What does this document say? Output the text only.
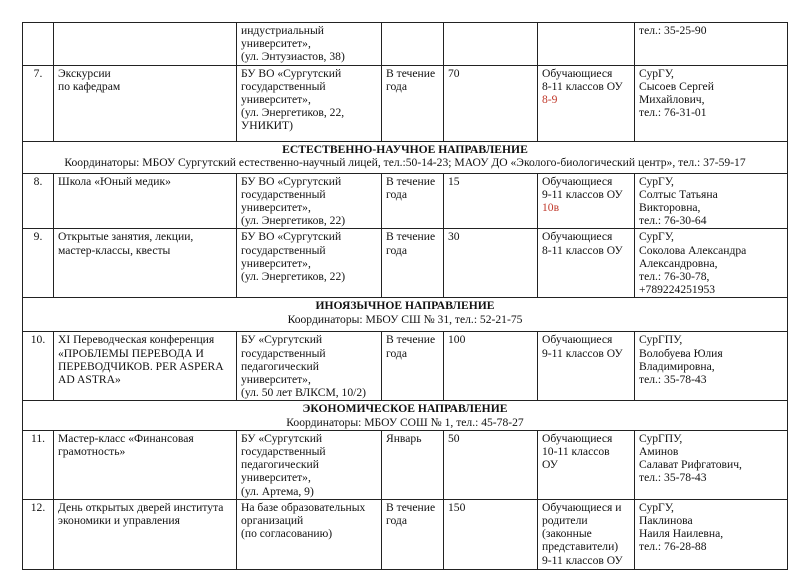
		индустриальный
университет»,
(ул. Энтузиастов, 38)				тел.: 35-25-90
7.	Экскурсии
по кафедрам	БУ ВО «Сургутский
государственный
университет»,
(ул. Энергетиков, 22,
УНИКИТ)	В течение
года	70	Обучающиеся
8-11 классов ОУ
8-9	СурГУ,
Сысоев Сергей
Михайлович,
тел.: 76-31-01

ЕСТЕСТВЕННО-НАУЧНОЕ НАПРАВЛЕНИЕ
Координаторы: МБОУ Сургутский естественно-научный лицей, тел.:50-14-23; МАОУ ДО «Эколого-биологический центр», тел.: 37-59-17						

8.	Школа «Юный медик»	БУ ВО «Сургутский
государственный
университет»,
(ул. Энергетиков, 22)	В течение
года	15	Обучающиеся
9-11 классов ОУ
10в	СурГУ,
Солтыс Татьяна
Викторовна,
тел.: 76-30-64
9.	Открытые занятия, лекции,
мастер-классы, квесты	БУ ВО «Сургутский
государственный
университет»,
(ул. Энергетиков, 22)	В течение
года	30	Обучающиеся
8-11 классов ОУ	СурГУ,
Соколова Александра
Александровна,
тел.: 76-30-78,
+789224251953

ИНОЯЗЫЧНОЕ НАПРАВЛЕНИЕ
Координаторы: МБОУ СШ № 31, тел.: 52-21-75						

10.	XI Переводческая конференция
«ПРОБЛЕМЫ ПЕРЕВОДА И
ПЕРЕВОДЧИКОВ. PER ASPERA
AD ASTRA»	БУ «Сургутский
государственный
педагогический
университет»,
(ул. 50 лет ВЛКСМ, 10/2)	В течение
года	100	Обучающиеся
9-11 классов ОУ	СурГПУ,
Волобуева Юлия
Владимировна,
тел.: 35-78-43

ЭКОНОМИЧЕСКОЕ НАПРАВЛЕНИЕ
Координаторы: МБОУ СОШ № 1, тел.: 45-78-27						

11.	Мастер-класс «Финансовая
грамотность»	БУ «Сургутский
государственный
педагогический
университет»,
(ул. Артема, 9)	Январь	50	Обучающиеся
10-11 классов
ОУ	СурГПУ,
Аминов
Салават Рифгатович,
тел.: 35-78-43
12.	День открытых дверей института
экономики и управления	На базе образовательных
организаций
(по согласованию)	В течение
года	150	Обучающиеся и
родители
(законные
представители)
9-11 классов ОУ	СурГУ,
Паклинова
Наиля Наилевна,
тел.: 76-28-88
